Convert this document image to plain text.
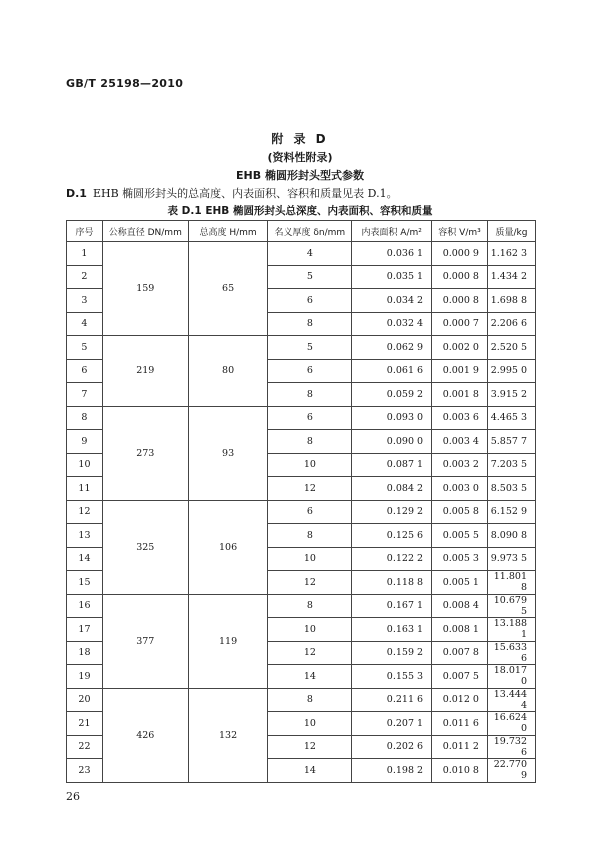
GB/T 25198—2010
附 录 D
(资料性附录)
EHB 椭圆形封头型式参数
D.1 EHB 椭圆形封头的总高度、内表面积、容积和质量见表 D.1。
表 D.1 EHB 椭圆形封头总深度、内表面积、容积和质量
序号	公称直径 DN/mm	总高度 H/mm	名义厚度 δn/mm	内表面积 A/m²	容积 V/m³	质量/kg
1	159	65	4	0.036 1	0.000 9	1.162 3
2			5	0.035 1	0.000 8	1.434 2
3			6	0.034 2	0.000 8	1.698 8
4			8	0.032 4	0.000 7	2.206 6
5	219	80	5	0.062 9	0.002 0	2.520 5
6			6	0.061 6	0.001 9	2.995 0
7			8	0.059 2	0.001 8	3.915 2
8	273	93	6	0.093 0	0.003 6	4.465 3
9			8	0.090 0	0.003 4	5.857 7
10			10	0.087 1	0.003 2	7.203 5
11			12	0.084 2	0.003 0	8.503 5
12	325	106	6	0.129 2	0.005 8	6.152 9
13			8	0.125 6	0.005 5	8.090 8
14			10	0.122 2	0.005 3	9.973 5
15			12	0.118 8	0.005 1	11.801 8
16	377	119	8	0.167 1	0.008 4	10.679 5
17			10	0.163 1	0.008 1	13.188 1
18			12	0.159 2	0.007 8	15.633 6
19			14	0.155 3	0.007 5	18.017 0
20	426	132	8	0.211 6	0.012 0	13.444 4
21			10	0.207 1	0.011 6	16.624 0
22			12	0.202 6	0.011 2	19.732 6
23			14	0.198 2	0.010 8	22.770 9
26
